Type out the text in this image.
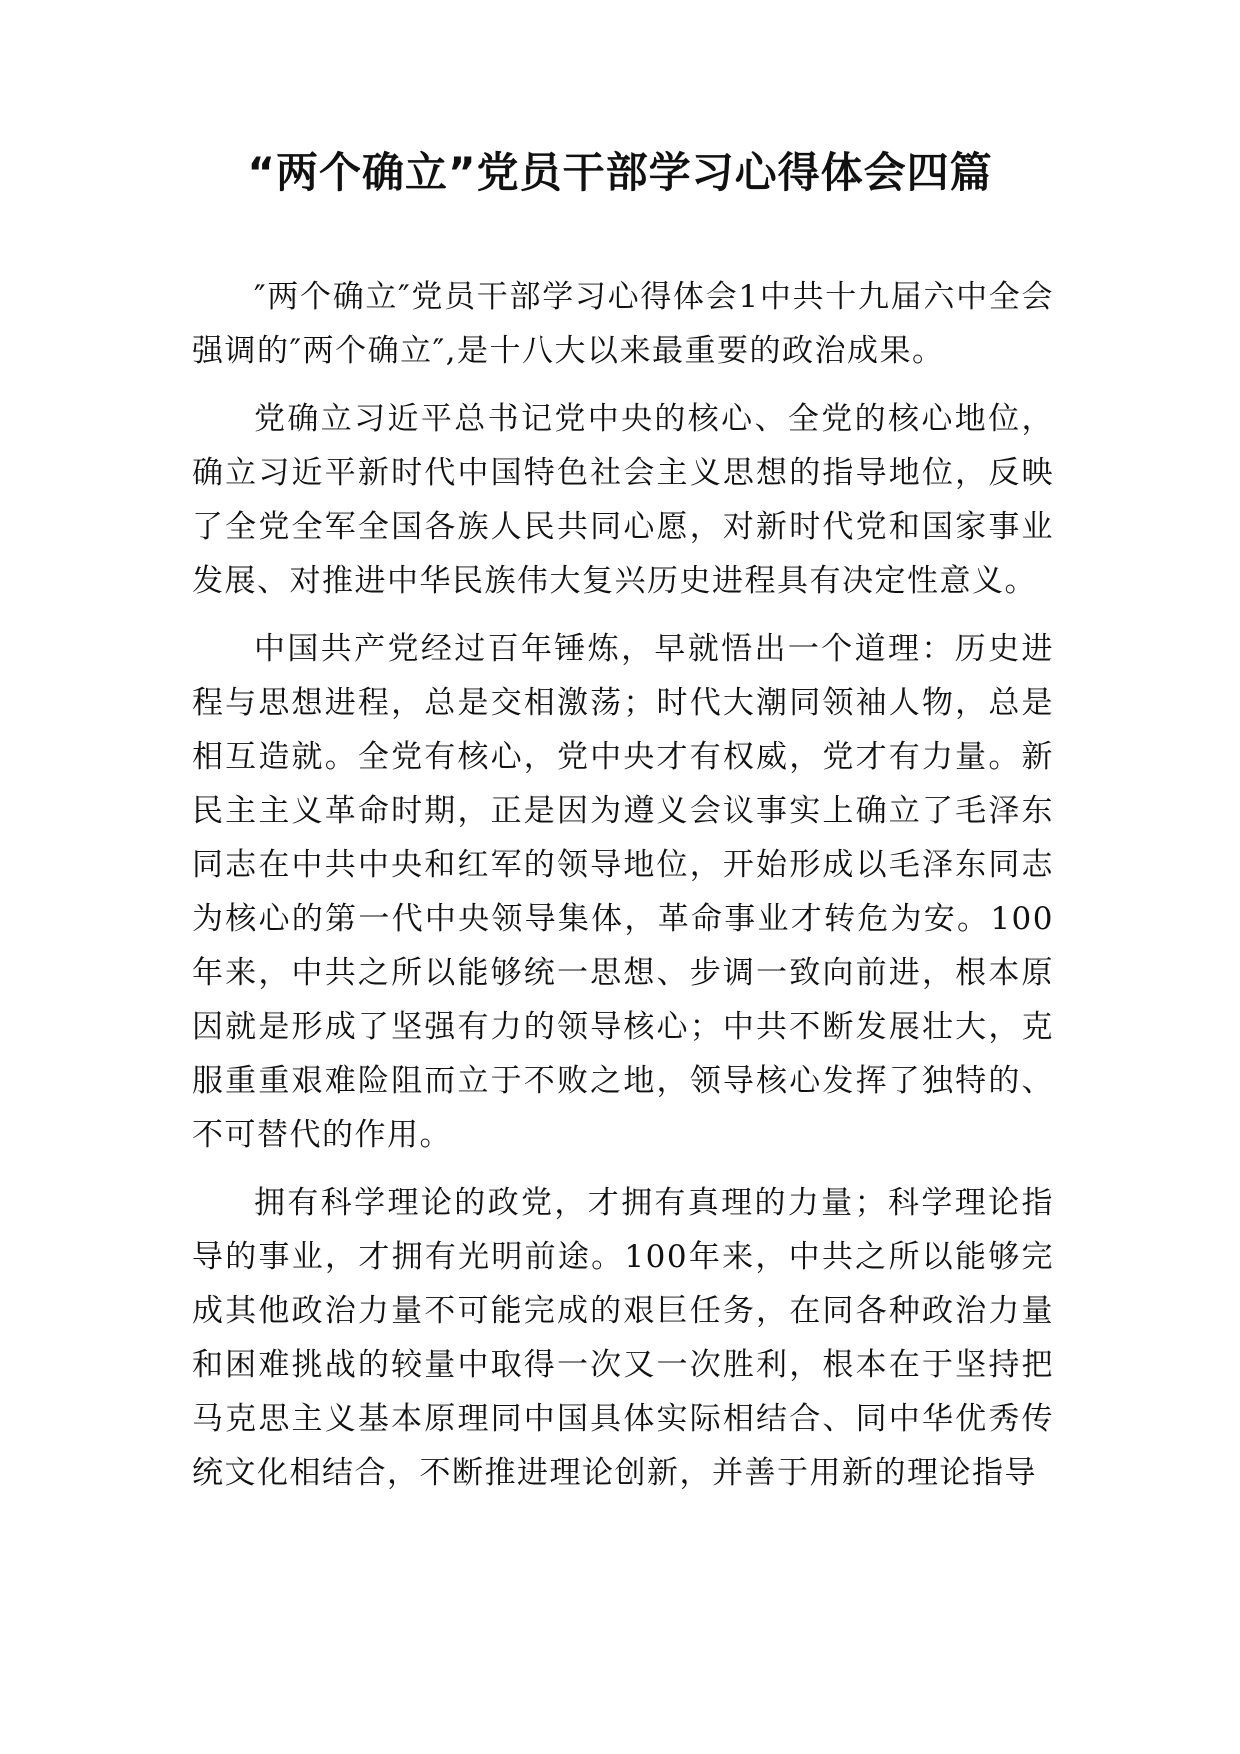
“两个确立”党员干部学习心得体会四篇

″两个确立″党员干部学习心得体会1中共十九届六中全会强调的″两个确立″,是十八大以来最重要的政治成果。

党确立习近平总书记党中央的核心、全党的核心地位，确立习近平新时代中国特色社会主义思想的指导地位，反映了全党全军全国各族人民共同心愿，对新时代党和国家事业发展、对推进中华民族伟大复兴历史进程具有决定性意义。

中国共产党经过百年锤炼，早就悟出一个道理：历史进程与思想进程，总是交相激荡；时代大潮同领袖人物，总是相互造就。全党有核心，党中央才有权威，党才有力量。新民主主义革命时期，正是因为遵义会议事实上确立了毛泽东同志在中共中央和红军的领导地位，开始形成以毛泽东同志为核心的第一代中央领导集体，革命事业才转危为安。100年来，中共之所以能够统一思想、步调一致向前进，根本原因就是形成了坚强有力的领导核心；中共不断发展壮大，克服重重艰难险阻而立于不败之地，领导核心发挥了独特的、不可替代的作用。

拥有科学理论的政党，才拥有真理的力量；科学理论指导的事业，才拥有光明前途。100年来，中共之所以能够完成其他政治力量不可能完成的艰巨任务，在同各种政治力量和困难挑战的较量中取得一次又一次胜利，根本在于坚持把马克思主义基本原理同中国具体实际相结合、同中华优秀传统文化相结合，不断推进理论创新，并善于用新的理论指导
